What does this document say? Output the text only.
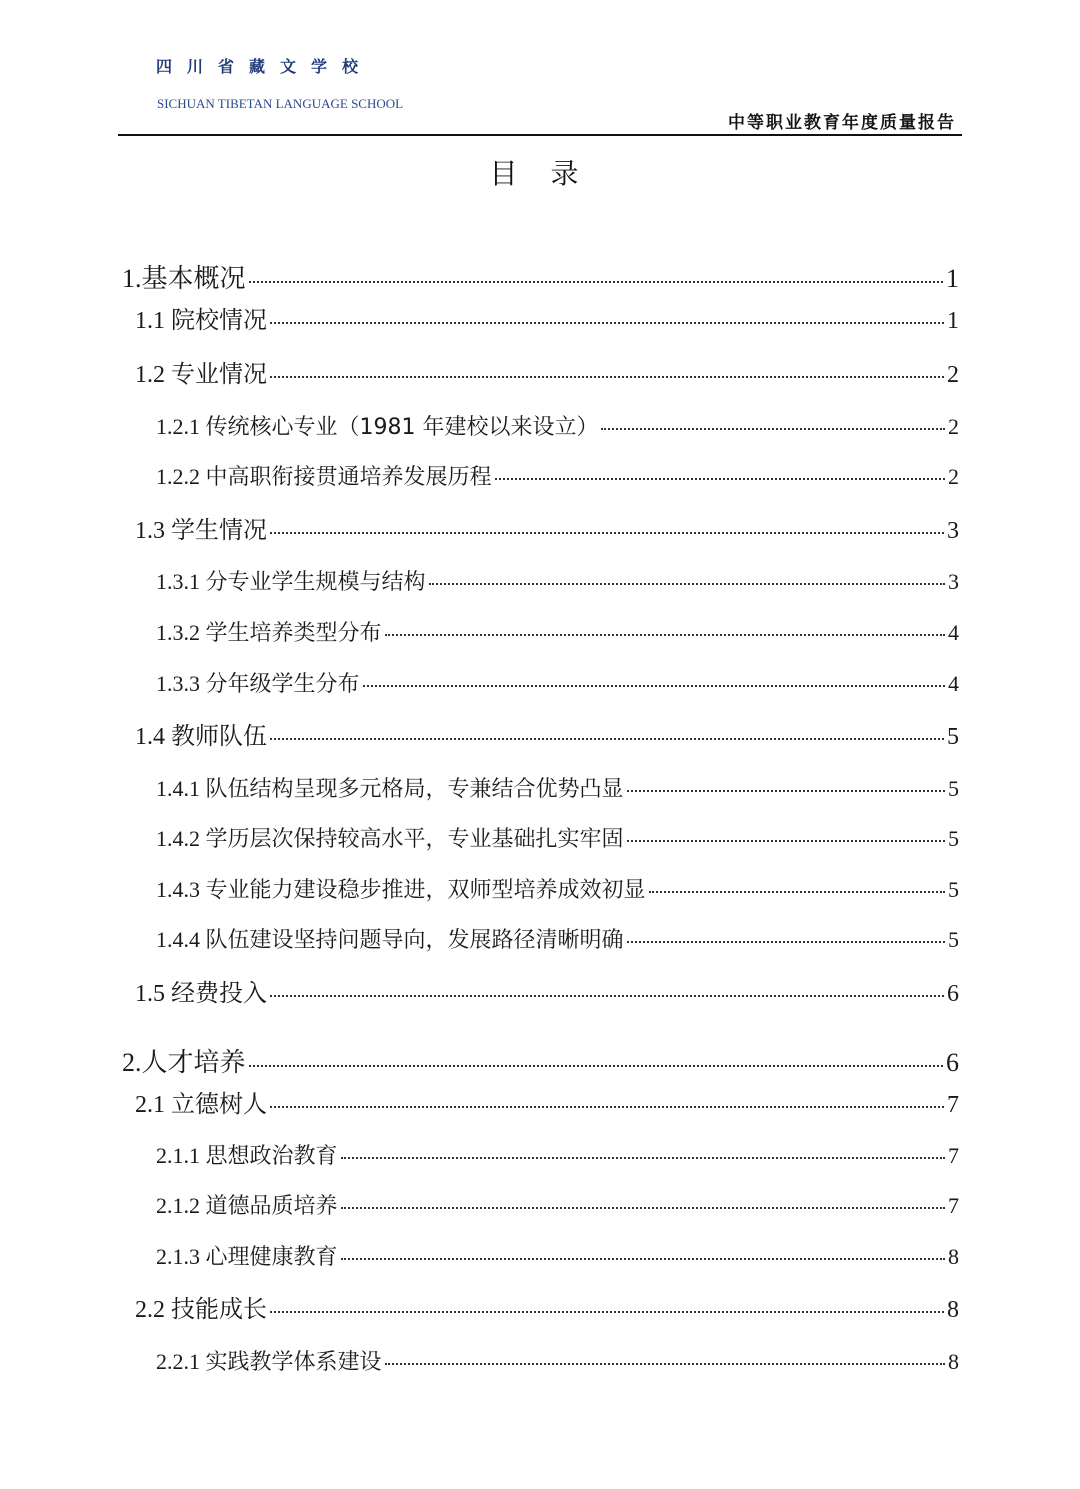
四川省藏文学校
SICHUAN TIBETAN LANGUAGE SCHOOL
中等职业教育年度质量报告
目 录
1.基本概况	1
1.1 院校情况	1
1.2 专业情况	2
1.2.1 传统核心专业（1981 年建校以来设立）	2
1.2.2 中高职衔接贯通培养发展历程	2
1.3 学生情况	3
1.3.1 分专业学生规模与结构	3
1.3.2 学生培养类型分布	4
1.3.3 分年级学生分布	4
1.4 教师队伍	5
1.4.1 队伍结构呈现多元格局，专兼结合优势凸显	5
1.4.2 学历层次保持较高水平，专业基础扎实牢固	5
1.4.3 专业能力建设稳步推进，双师型培养成效初显	5
1.4.4 队伍建设坚持问题导向，发展路径清晰明确	5
1.5 经费投入	6
2.人才培养	6
2.1 立德树人	7
2.1.1 思想政治教育	7
2.1.2 道德品质培养	7
2.1.3 心理健康教育	8
2.2 技能成长	8
2.2.1 实践教学体系建设	8
